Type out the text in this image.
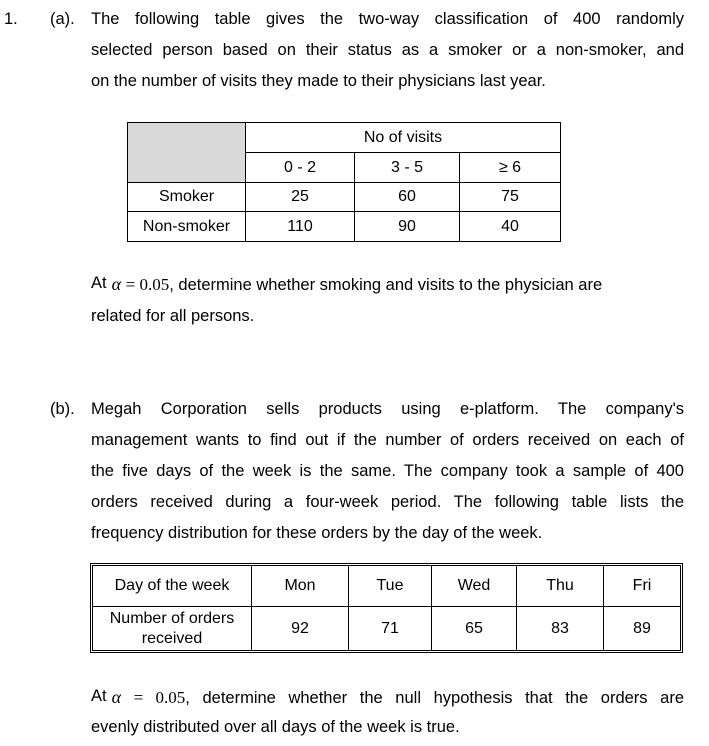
1. (a). The following table gives the two-way classification of 400 randomly
selected person based on their status as a smoker or a non-smoker, and
on the number of visits they made to their physicians last year.
	No of visits		
	0 - 2	3 - 5	≥ 6
Smoker	25	60	75
Non-smoker	110	90	40
At α = 0.05, determine whether smoking and visits to the physician are
related for all persons.
(b). Megah Corporation sells products using e-platform. The company's
management wants to find out if the number of orders received on each of
the five days of the week is the same. The company took a sample of 400
orders received during a four-week period. The following table lists the
frequency distribution for these orders by the day of the week.
Day of the week	Mon	Tue	Wed	Thu	Fri

Number of orders
received	92	71	65	83	89
At α = 0.05, determine whether the null hypothesis that the orders are
evenly distributed over all days of the week is true.
